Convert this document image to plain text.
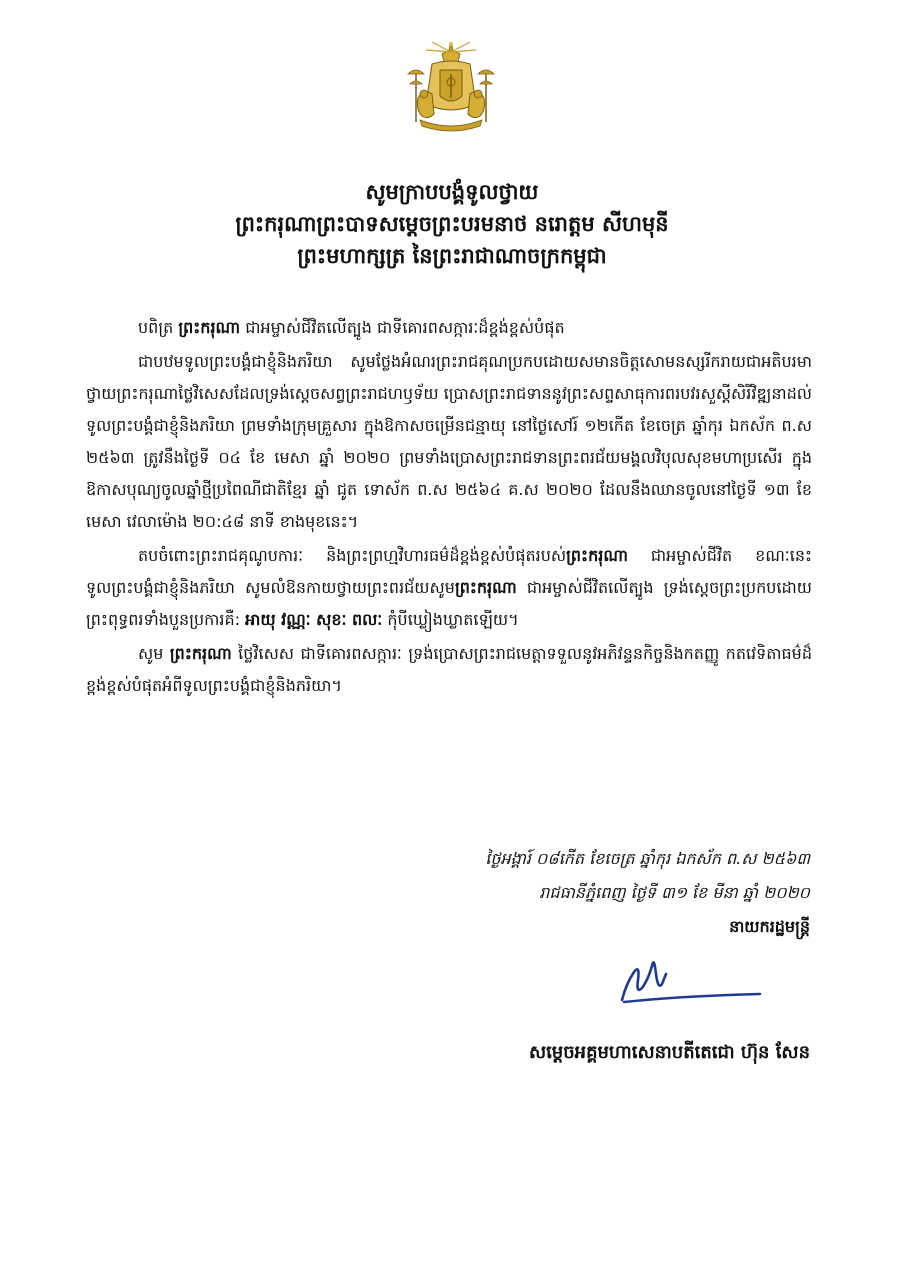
សូមក្រាបបង្គំទូលថ្វាយ
ព្រះករុណាព្រះបាទសម្ដេចព្រះបរមនាថ នរោត្ដម សីហមុនី
ព្រះមហាក្សត្រ នៃព្រះរាជាណាចក្រកម្ពុជា

បពិត្រ ព្រះករុណា ជាអម្ចាស់ជីវិតលើត្បូង ជាទីគោរពសក្ការៈដ៏ខ្ពង់ខ្ពស់បំផុត

ជាបឋមទូលព្រះបង្គំជាខ្ញុំនិងភរិយា សូមថ្លែងអំណរព្រះរាជគុណប្រកបដោយសមានចិត្តសោមនស្សរីករាយជាអតិបរមាថ្វាយព្រះករុណាថ្លៃវិសេសដែលទ្រង់ស្ដេចសព្វព្រះរាជហឫទ័យ ប្រោសព្រះរាជទាននូវព្រះសព្ទសាធុការពរបវរសួស្ដីសិរីវិឌ្ឍនាដល់ទូលព្រះបង្គំជាខ្ញុំនិងភរិយា ព្រមទាំងក្រុមគ្រួសារ ក្នុងឱកាសចម្រើនជន្មាយុ នៅថ្ងៃសៅរ៍ ១២កើត ខែចេត្រ ឆ្នាំកុរ ឯកស័ក ព.ស ២៥៦៣ ត្រូវនឹងថ្ងៃទី ០៤ ខែ មេសា ឆ្នាំ ២០២០ ព្រមទាំងប្រោសព្រះរាជទានព្រះពរជ័យមង្គលវិបុលសុខមហាប្រសើរ ក្នុងឱកាសបុណ្យចូលឆ្នាំថ្មីប្រពៃណីជាតិខ្មែរ ឆ្នាំ ជូត ទោស័ក ព.ស ២៥៦៤ គ.ស ២០២០ ដែលនឹងឈានចូលនៅថ្ងៃទី ១៣ ខែ មេសា វេលាម៉ោង ២០:៤៨ នាទី ខាងមុខនេះ។

តបចំពោះព្រះរាជគុណូបការៈ និងព្រះព្រហ្មវិហារធម៌ដ៏ខ្ពង់ខ្ពស់បំផុតរបស់ព្រះករុណា ជាអម្ចាស់ជីវិត ខណៈនេះទូលព្រះបង្គំជាខ្ញុំនិងភរិយា សូមលំឱនកាយថ្វាយព្រះពរជ័យសូមព្រះករុណា ជាអម្ចាស់ជីវិតលើត្បូង ទ្រង់ស្ដេចព្រះប្រកបដោយព្រះពុទ្ធពរទាំងបួនប្រការគឺ: អាយុ វណ្ណៈ សុខៈ ពលៈ កុំបីឃ្លៀងឃ្លាតឡើយ។

សូម ព្រះករុណា ថ្លៃវិសេស ជាទីគោរពសក្ការៈ ទ្រង់ប្រោសព្រះរាជមេត្តាទទួលនូវអភិវន្ទនកិច្ចនិងកតញ្ញូ កតវេទិតាធម៌ដ៏ខ្ពង់ខ្ពស់បំផុតអំពីទូលព្រះបង្គំជាខ្ញុំនិងភរិយា។

ថ្ងៃអង្គារ៍ ០៨កើត ខែចេត្រ ឆ្នាំកុរ ឯកស័ក ព.ស ២៥៦៣
រាជធានីភ្នំពេញ ថ្ងៃទី ៣១ ខែ មីនា ឆ្នាំ ២០២០
នាយករដ្ឋមន្ត្រី
សម្ដេចអគ្គមហាសេនាបតីតេជោ ហ៊ុន សែន
